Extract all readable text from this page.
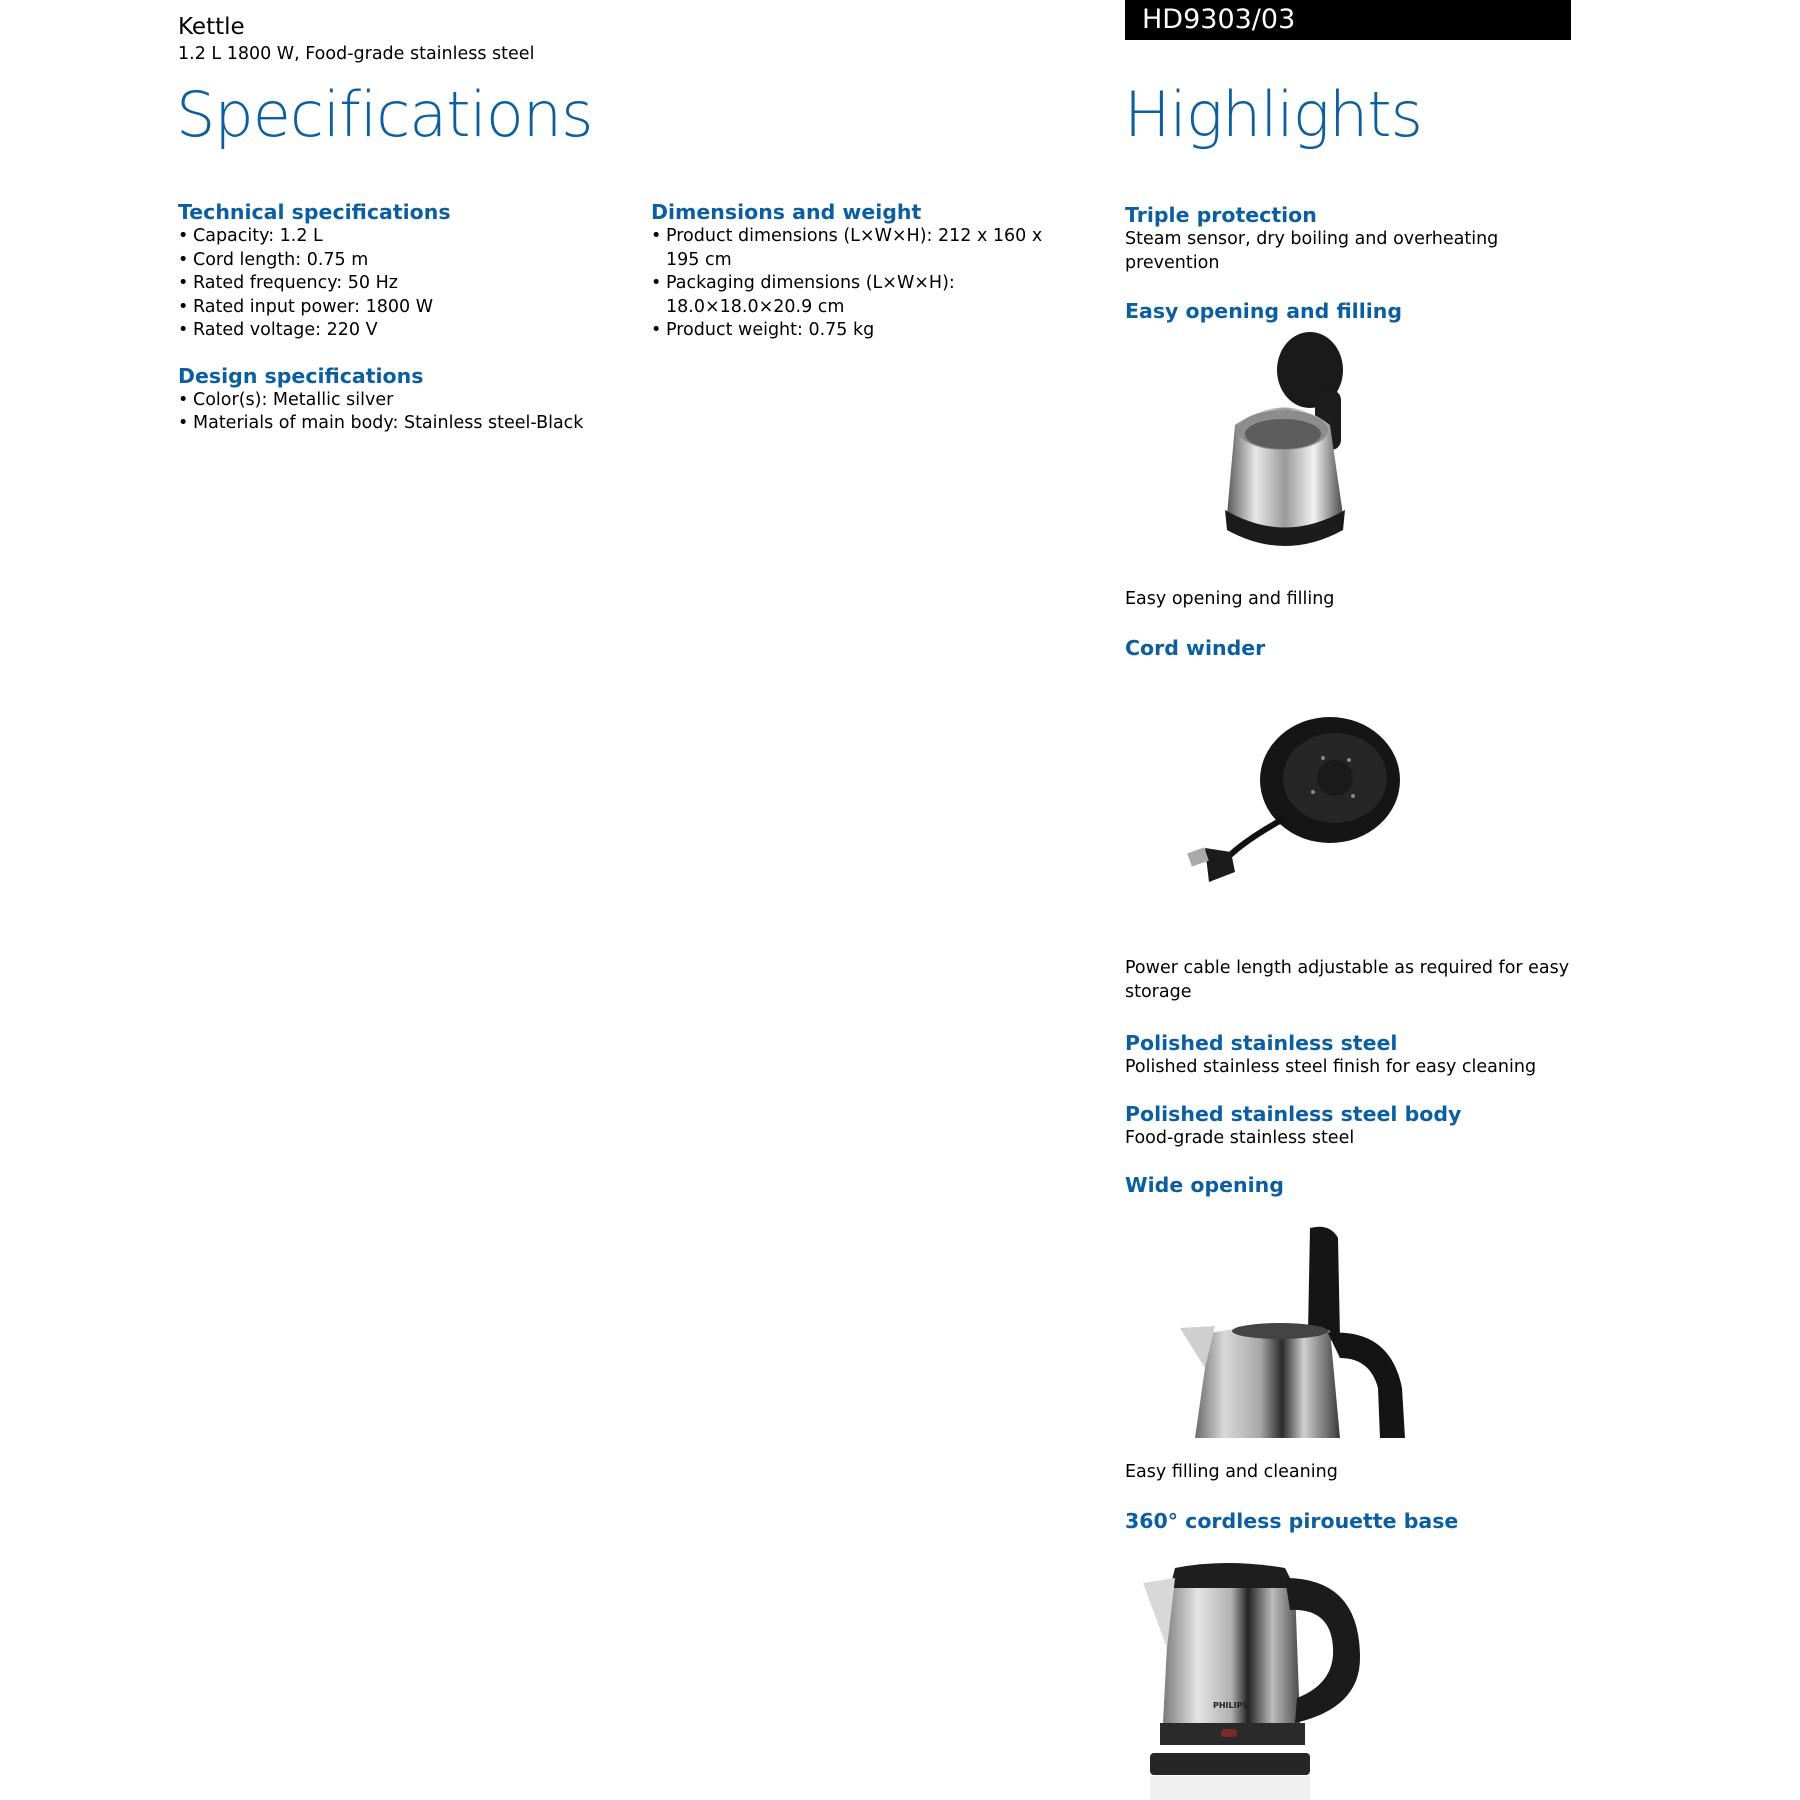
Kettle
1.2 L 1800 W, Food-grade stainless steel
HD9303/03
Specifications	Highlights
Technical specifications
• Capacity: 1.2 L
• Cord length: 0.75 m
• Rated frequency: 50 Hz
• Rated input power: 1800 W
• Rated voltage: 220 V
Design specifications
• Color(s): Metallic silver
• Materials of main body: Stainless steel-Black
Dimensions and weight
• Product dimensions (L×W×H): 212 x 160 x 195 cm
• Packaging dimensions (L×W×H): 18.0×18.0×20.9 cm
• Product weight: 0.75 kg
Triple protection
Steam sensor, dry boiling and overheating prevention
Easy opening and filling
Easy opening and filling
Cord winder
Power cable length adjustable as required for easy storage
Polished stainless steel
Polished stainless steel finish for easy cleaning
Polished stainless steel body
Food-grade stainless steel
Wide opening
Easy filling and cleaning
360° cordless pirouette base
PHILIPS
